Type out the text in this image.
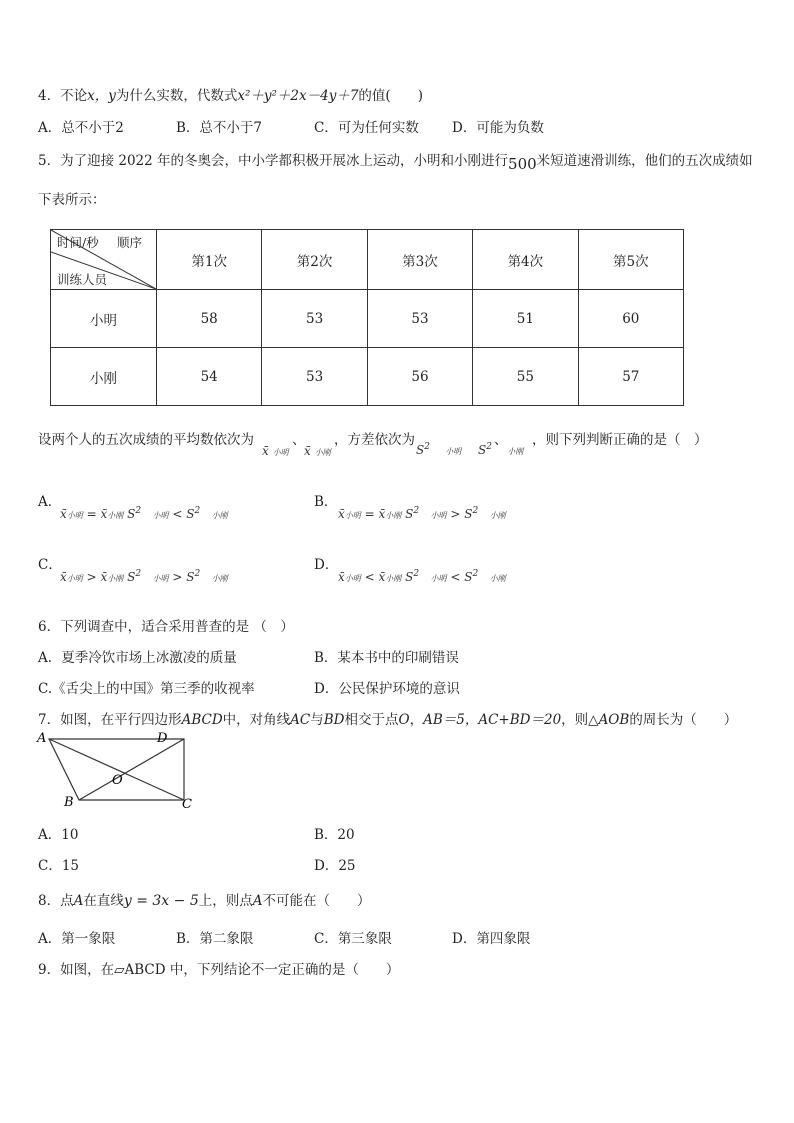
4．不论x，y为什么实数，代数式x²＋y²＋2x－4y＋7的值(　　)
A．总不小于2	B．总不小于7	C．可为任何实数 D．可能为负数
5．为了迎接 2022 年的冬奥会，中小学都积极开展冰上运动，小明和小刚进行500米短道速滑训练，他们的五次成绩如
下表所示：
时间/秒 顺序
训练人员	第1次	第2次	第3次	第4次	第5次
小明	58	53	53	51	60
小刚	54	53	56	55	57
设两个人的五次成绩的平均数依次为	、 ，方差依次为	、 ，则下列判断正确的是（　）
x̄ 小明 x̄ 小刚	$S^2$ 小明 $S^2$ 小刚
A．
x̄小明 = x̄小刚 $S^2$ 小明 < $S^2$ 小刚
B．
x̄小明 = x̄小刚 $S^2$ 小明 > $S^2$ 小刚
C．
x̄小明 > x̄小刚 $S^2$ 小明 > $S^2$ 小刚
D．
x̄小明 < x̄小刚 $S^2$ 小明 < $S^2$ 小刚
6．下列调查中，适合采用普查的是 （　）
A．夏季冷饮市场上冰激凌的质量	B．某本书中的印刷错误
C.《舌尖上的中国》第三季的收视率	D．公民保护环境的意识
7．如图，在平行四边形ABCD中，对角线AC与BD相交于点O，AB＝5，AC+BD＝20，则△AOB的周长为（　　）
A	D
B	C
O
A．10	B．20
C．15	D．25
8．点A在直线y = 3x − 5上，则点A不可能在（　　）
A．第一象限	B．第二象限	C．第三象限	D．第四象限
9．如图，在▱ABCD 中，下列结论不一定正确的是（　　）
